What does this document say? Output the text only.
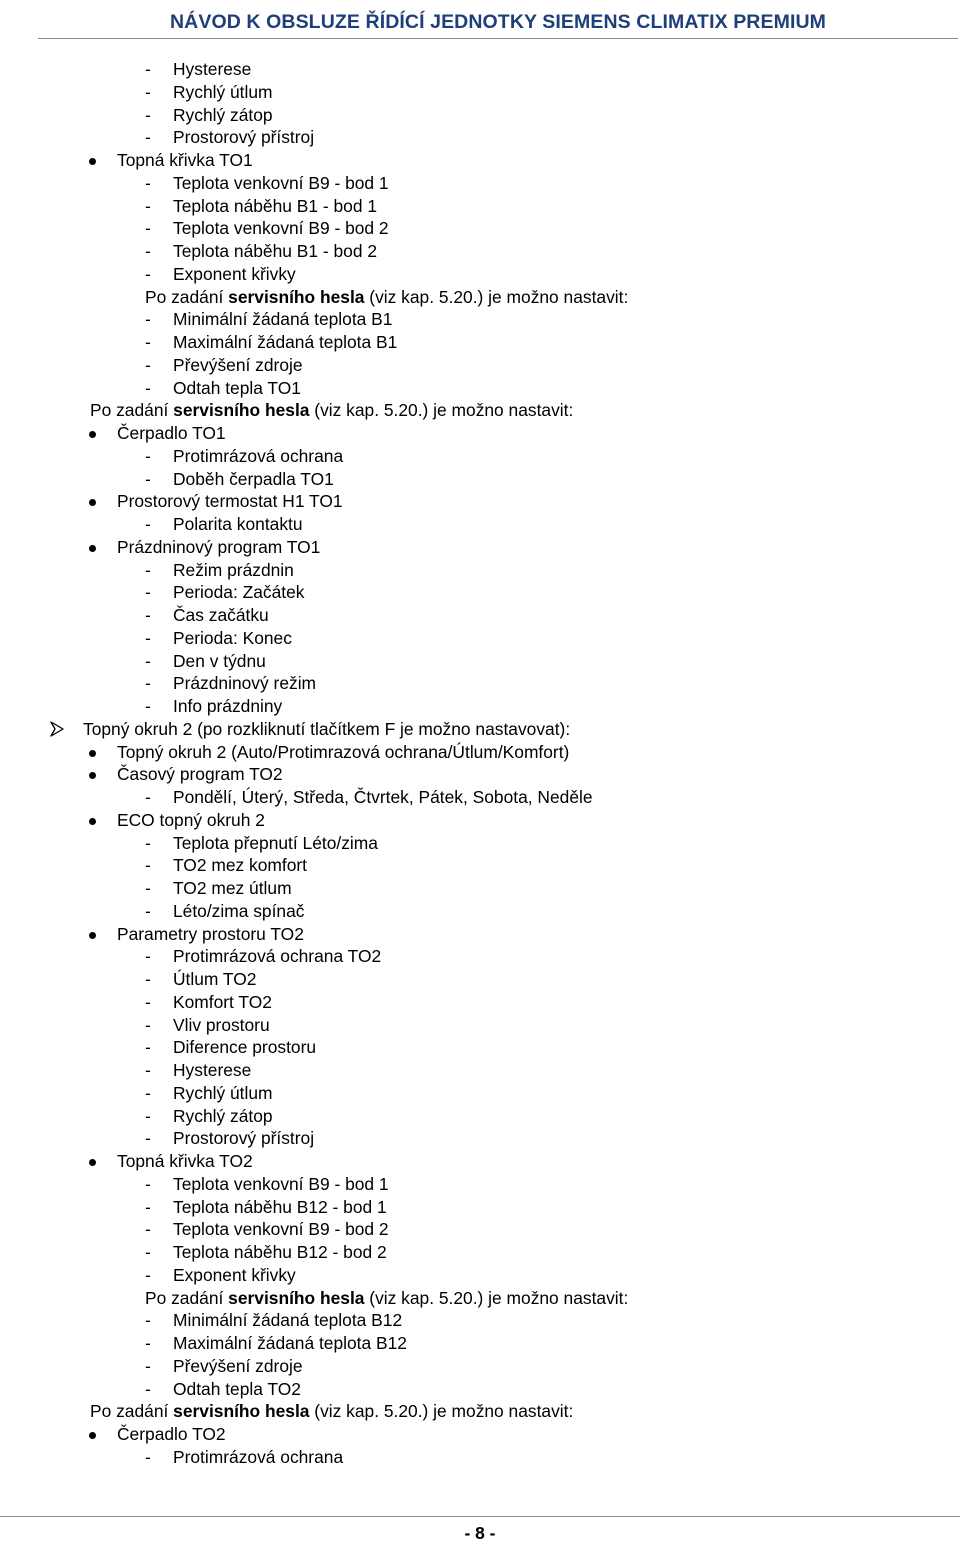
NÁVOD K OBSLUZE ŘÍDÍCÍ JEDNOTKY SIEMENS CLIMATIX PREMIUM
- Hysterese
- Rychlý útlum
- Rychlý zátop
- Prostorový přístroj
Topná křivka TO1
- Teplota venkovní B9 - bod 1
- Teplota náběhu B1 - bod 1
- Teplota venkovní B9 - bod 2
- Teplota náběhu B1 - bod 2
- Exponent křivky
Po zadání servisního hesla (viz kap. 5.20.) je možno nastavit:
- Minimální žádaná teplota B1
- Maximální žádaná teplota B1
- Převýšení zdroje
- Odtah tepla TO1
Po zadání servisního hesla (viz kap. 5.20.) je možno nastavit:
Čerpadlo TO1
- Protimrázová ochrana
- Doběh čerpadla TO1
Prostorový termostat H1 TO1
- Polarita kontaktu
Prázdninový program TO1
- Režim prázdnin
- Perioda: Začátek
- Čas začátku
- Perioda: Konec
- Den v týdnu
- Prázdninový režim
- Info prázdniny
Topný okruh 2 (po rozkliknutí tlačítkem F je možno nastavovat):
Topný okruh 2 (Auto/Protimrazová ochrana/Útlum/Komfort)
Časový program TO2
- Pondělí, Úterý, Středa, Čtvrtek, Pátek, Sobota, Neděle
ECO topný okruh 2
- Teplota přepnutí Léto/zima
- TO2 mez komfort
- TO2 mez útlum
- Léto/zima spínač
Parametry prostoru TO2
- Protimrázová ochrana TO2
- Útlum TO2
- Komfort TO2
- Vliv prostoru
- Diference prostoru
- Hysterese
- Rychlý útlum
- Rychlý zátop
- Prostorový přístroj
Topná křivka TO2
- Teplota venkovní B9 - bod 1
- Teplota náběhu B12 - bod 1
- Teplota venkovní B9 - bod 2
- Teplota náběhu B12 - bod 2
- Exponent křivky
Po zadání servisního hesla (viz kap. 5.20.) je možno nastavit:
- Minimální žádaná teplota B12
- Maximální žádaná teplota B12
- Převýšení zdroje
- Odtah tepla TO2
Po zadání servisního hesla (viz kap. 5.20.) je možno nastavit:
Čerpadlo TO2
- Protimrázová ochrana
- 8 -
